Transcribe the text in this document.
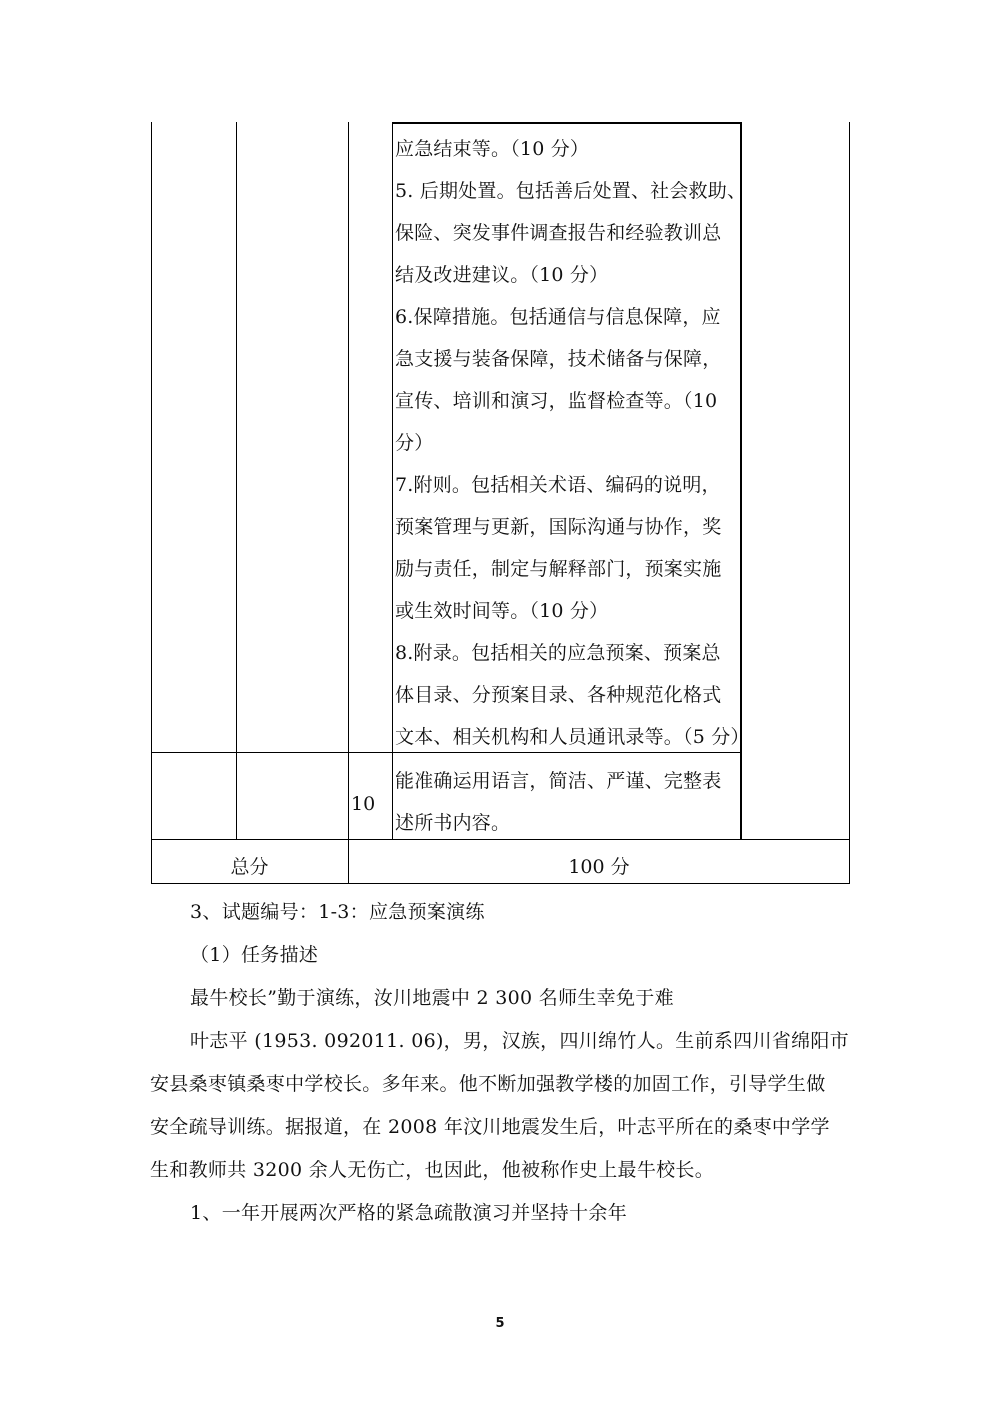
应急结束等。（10 分）
5. 后期处置。包括善后处置、社会救助、
保险、突发事件调查报告和经验教训总
结及改进建议。（10 分）
6.保障措施。包括通信与信息保障，应
急支援与装备保障，技术储备与保障，
宣传、培训和演习，监督检查等。（10
分）
7.附则。包括相关术语、编码的说明，
预案管理与更新，国际沟通与协作，奖
励与责任，制定与解释部门，预案实施
或生效时间等。（10 分）
8.附录。包括相关的应急预案、预案总
体目录、分预案目录、各种规范化格式
文本、相关机构和人员通讯录等。（5 分）
10
能准确运用语言，简洁、严谨、完整表
述所书内容。
总分	100 分
3、试题编号：1-3：应急预案演练
（1）任务描述
最牛校长”勤于演练，汝川地震中 2 300 名师生幸免于难
叶志平 (1953. 092011. 06)，男，汉族，四川绵竹人。生前系四川省绵阳市
安县桑枣镇桑枣中学校长。多年来。他不断加强教学楼的加固工作，引导学生做
安全疏导训练。据报道，在 2008 年汶川地震发生后，叶志平所在的桑枣中学学
生和教师共 3200 余人无伤亡，也因此，他被称作史上最牛校长。
1、一年开展两次严格的紧急疏散演习并坚持十余年
5
